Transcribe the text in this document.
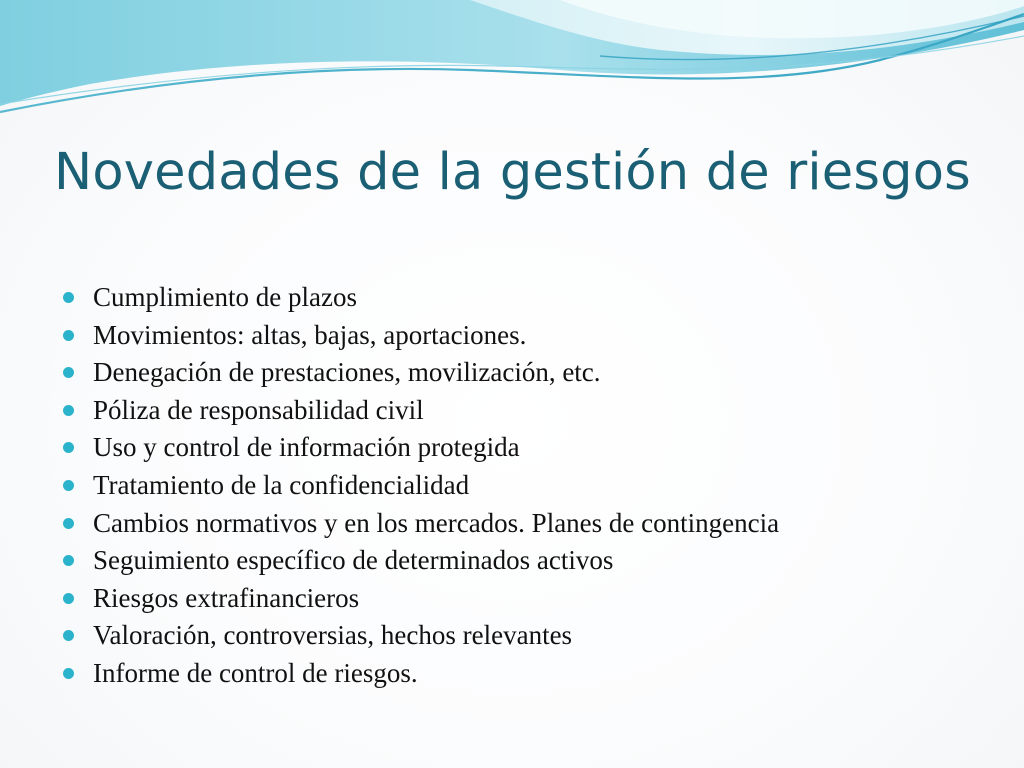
Novedades de la gestión de riesgos
Cumplimiento de plazos
Movimientos: altas, bajas, aportaciones.
Denegación de prestaciones, movilización, etc.
Póliza de responsabilidad civil
Uso y control de información protegida
Tratamiento de la confidencialidad
Cambios normativos y en los mercados. Planes de contingencia
Seguimiento específico de determinados activos
Riesgos extrafinancieros
Valoración, controversias, hechos relevantes
Informe de control de riesgos.
